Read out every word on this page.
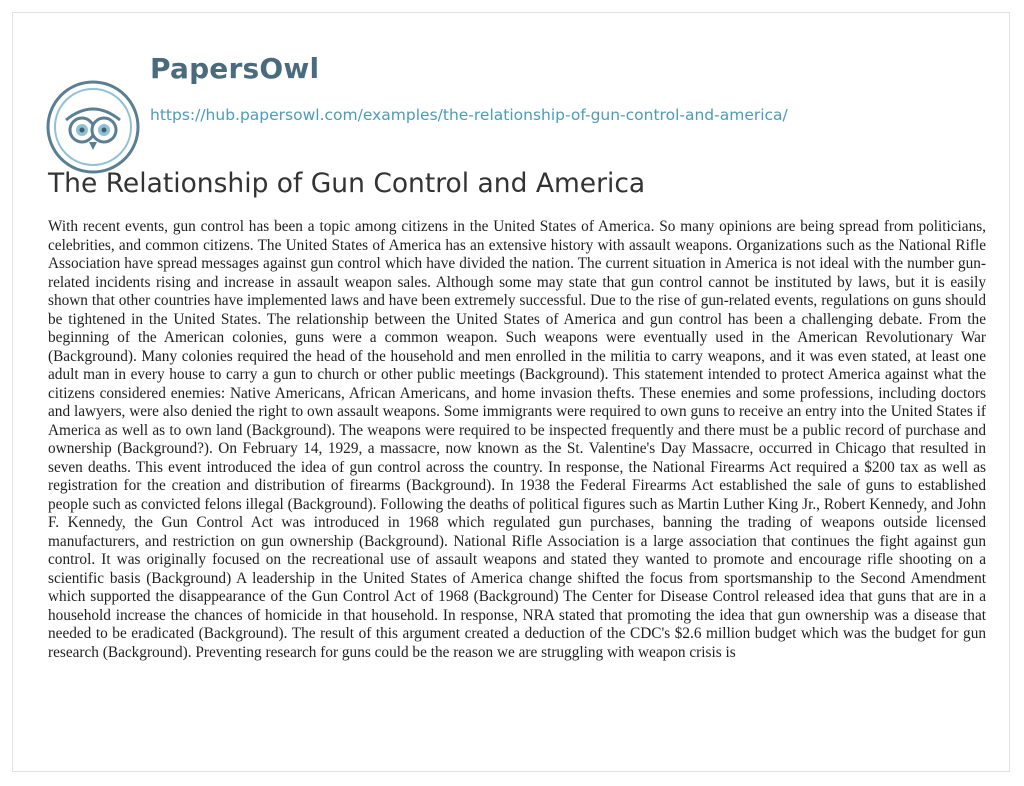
PapersOwl
https://hub.papersowl.com/examples/the-relationship-of-gun-control-and-america/
The Relationship of Gun Control and America

With recent events, gun control has been a topic among citizens in the United States of America. So many opinions are being spread from politicians, celebrities, and common citizens. The United States of America has an extensive history with assault weapons. Organizations such as the National Rifle Association have spread messages against gun control which have divided the nation. The current situation in America is not ideal with the number gun-related incidents rising and increase in assault weapon sales. Although some may state that gun control cannot be instituted by laws, but it is easily shown that other countries have implemented laws and have been extremely successful. Due to the rise of gun-related events, regulations on guns should be tightened in the United States. The relationship between the United States of America and gun control has been a challenging debate. From the beginning of the American colonies, guns were a common weapon. Such weapons were eventually used in the American Revolutionary War (Background). Many colonies required the head of the household and men enrolled in the militia to carry weapons, and it was even stated, at least one adult man in every house to carry a gun to church or other public meetings (Background). This statement intended to protect America against what the citizens considered enemies: Native Americans, African Americans, and home invasion thefts. These enemies and some professions, including doctors and lawyers, were also denied the right to own assault weapons. Some immigrants were required to own guns to receive an entry into the United States if America as well as to own land (Background). The weapons were required to be inspected frequently and there must be a public record of purchase and ownership (Background?). On February 14, 1929, a massacre, now known as the St. Valentine's Day Massacre, occurred in Chicago that resulted in seven deaths. This event introduced the idea of gun control across the country. In response, the National Firearms Act required a $200 tax as well as registration for the creation and distribution of firearms (Background). In 1938 the Federal Firearms Act established the sale of guns to established people such as convicted felons illegal (Background). Following the deaths of political figures such as Martin Luther King Jr., Robert Kennedy, and John F. Kennedy, the Gun Control Act was introduced in 1968 which regulated gun purchases, banning the trading of weapons outside licensed manufacturers, and restriction on gun ownership (Background). National Rifle Association is a large association that continues the fight against gun control. It was originally focused on the recreational use of assault weapons and stated they wanted to promote and encourage rifle shooting on a scientific basis (Background) A leadership in the United States of America change shifted the focus from sportsmanship to the Second Amendment which supported the disappearance of the Gun Control Act of 1968 (Background) The Center for Disease Control released idea that guns that are in a household increase the chances of homicide in that household. In response, NRA stated that promoting the idea that gun ownership was a disease that needed to be eradicated (Background). The result of this argument created a deduction of the CDC's $2.6 million budget which was the budget for gun research (Background). Preventing research for guns could be the reason we are struggling with weapon crisis is
